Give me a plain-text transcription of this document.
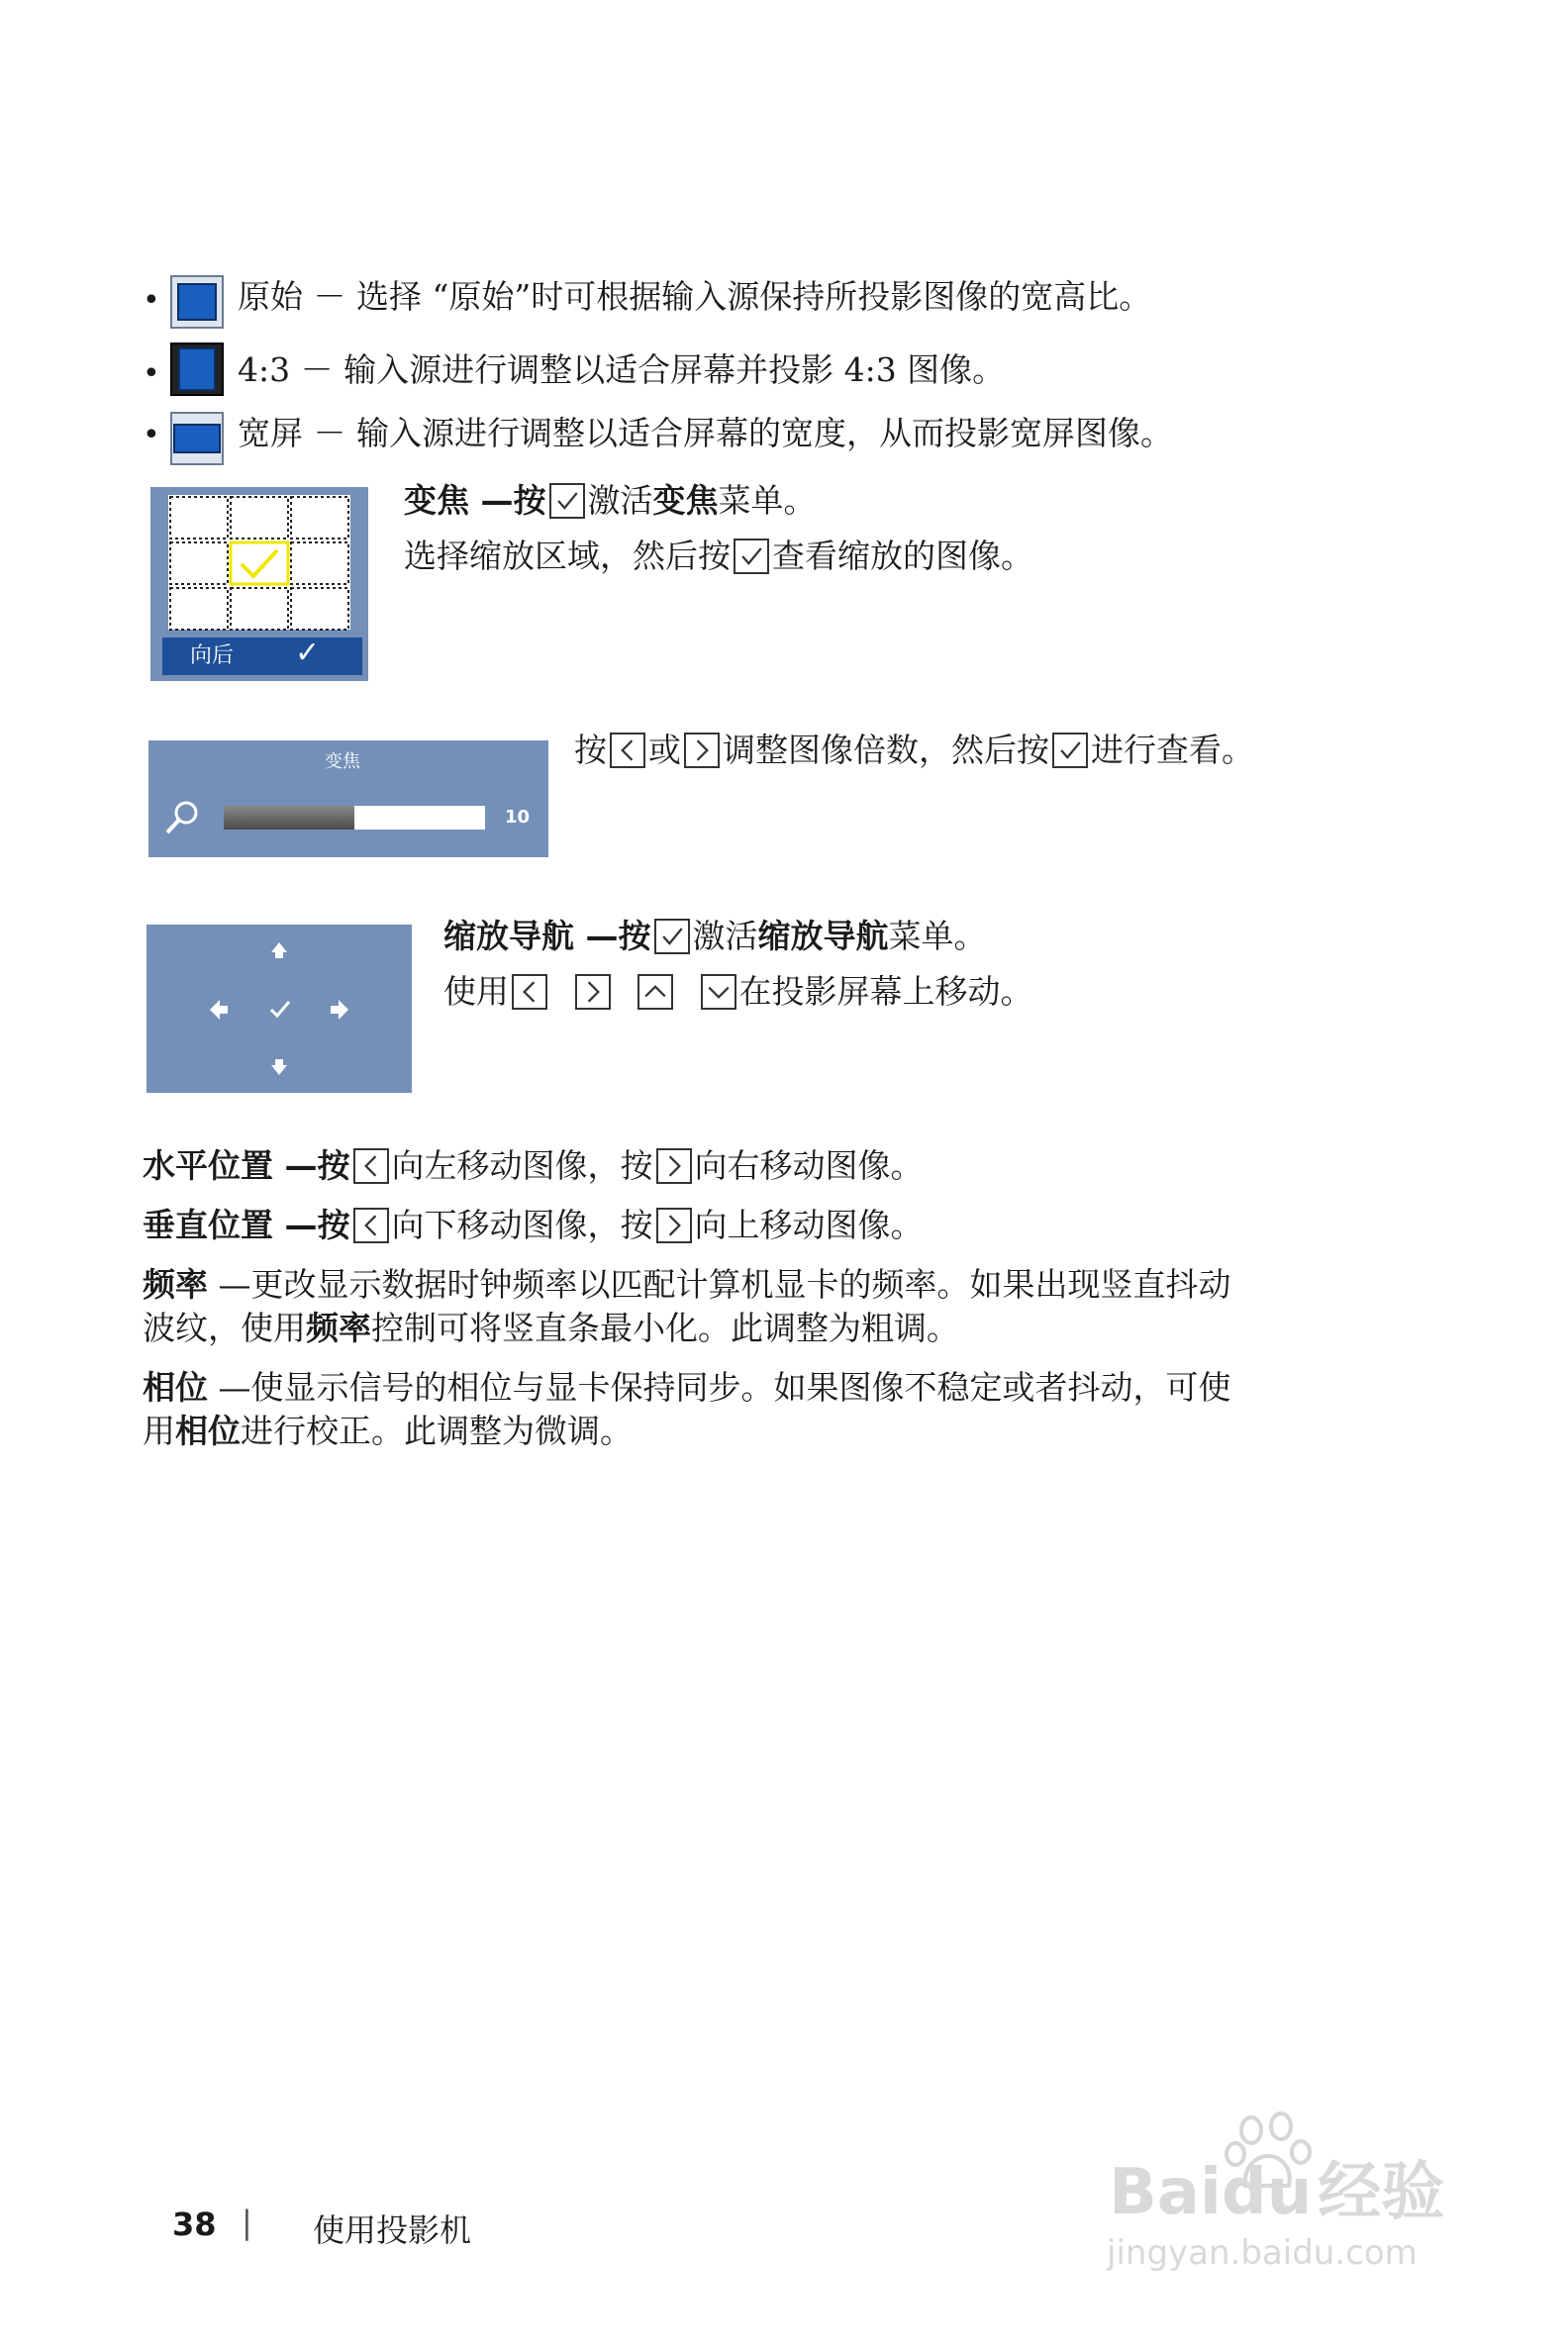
• 原始 － 选择 “原始”时可根据输入源保持所投影图像的宽高比。
• 4:3 － 输入源进行调整以适合屏幕并投影 4:3 图像。
• 宽屏 － 输入源进行调整以适合屏幕的宽度，从而投影宽屏图像。
向后 ✓
变焦 —按 激活变焦菜单。
选择缩放区域，然后按 查看缩放的图像。
变焦
10
按 或 调整图像倍数，然后按 进行查看。
缩放导航 —按 激活缩放导航菜单。
使用

	在投影屏幕上移动。
水平位置 —按 向左移动图像，按 向右移动图像。
垂直位置 —按 向下移动图像，按 向上移动图像。
频率 —更改显示数据时钟频率以匹配计算机显卡的频率。如果出现竖直抖动
波纹，使用频率控制可将竖直条最小化。此调整为粗调。
相位 —使显示信号的相位与显卡保持同步。如果图像不稳定或者抖动，可使
用相位进行校正。此调整为微调。
38 | 使用投影机
Baidu经验
jingyan.baidu.com
